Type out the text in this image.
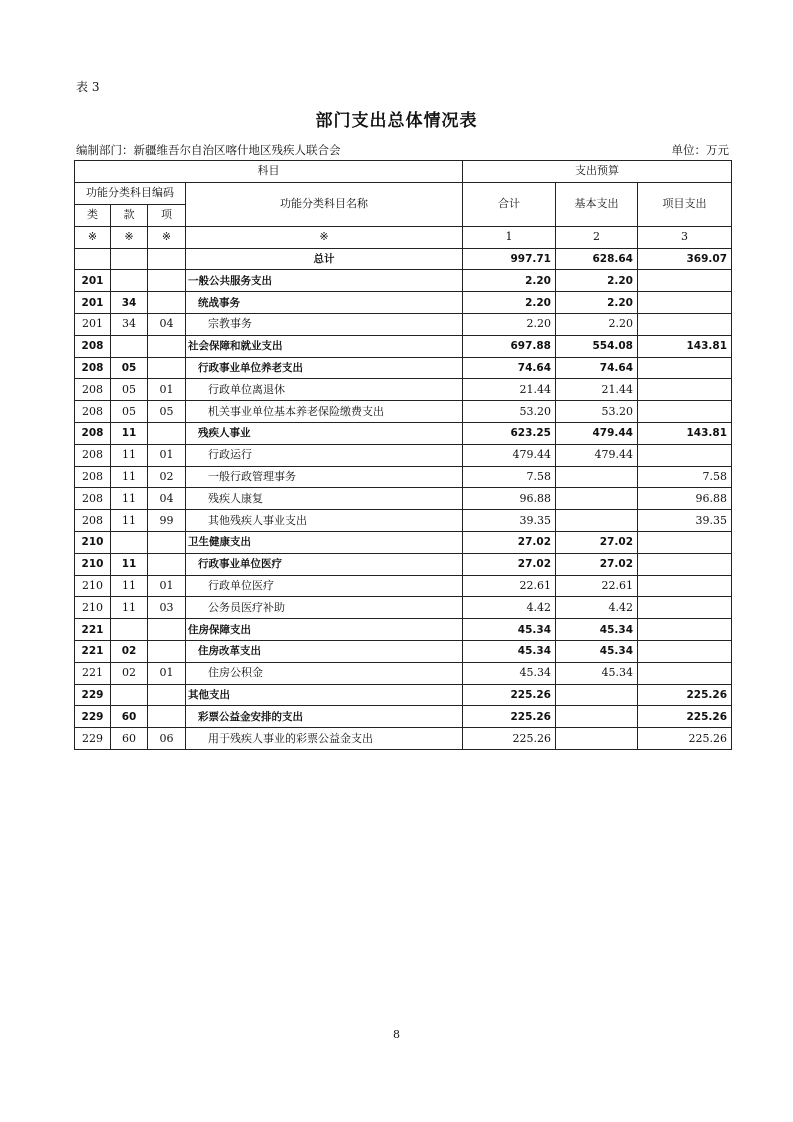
表 3
部门支出总体情况表
编制部门：新疆维吾尔自治区喀什地区残疾人联合会	单位：万元
科目				支出预算		
功能分类科目编码			功能分类科目名称	合计	基本支出	项目支出
类	款	项				
※	※	※	※	1	2	3
			总计	997.71	628.64	369.07
201			一般公共服务支出	2.20	2.20	
201	34		统战事务	2.20	2.20	
201	34	04	宗教事务	2.20	2.20	
208			社会保障和就业支出	697.88	554.08	143.81
208	05		行政事业单位养老支出	74.64	74.64	
208	05	01	行政单位离退休	21.44	21.44	
208	05	05	机关事业单位基本养老保险缴费支出	53.20	53.20	
208	11		残疾人事业	623.25	479.44	143.81
208	11	01	行政运行	479.44	479.44	
208	11	02	一般行政管理事务	7.58		7.58
208	11	04	残疾人康复	96.88		96.88
208	11	99	其他残疾人事业支出	39.35		39.35
210			卫生健康支出	27.02	27.02	
210	11		行政事业单位医疗	27.02	27.02	
210	11	01	行政单位医疗	22.61	22.61	
210	11	03	公务员医疗补助	4.42	4.42	
221			住房保障支出	45.34	45.34	
221	02		住房改革支出	45.34	45.34	
221	02	01	住房公积金	45.34	45.34	
229			其他支出	225.26		225.26
229	60		彩票公益金安排的支出	225.26		225.26
229	60	06	用于残疾人事业的彩票公益金支出	225.26		225.26
8
